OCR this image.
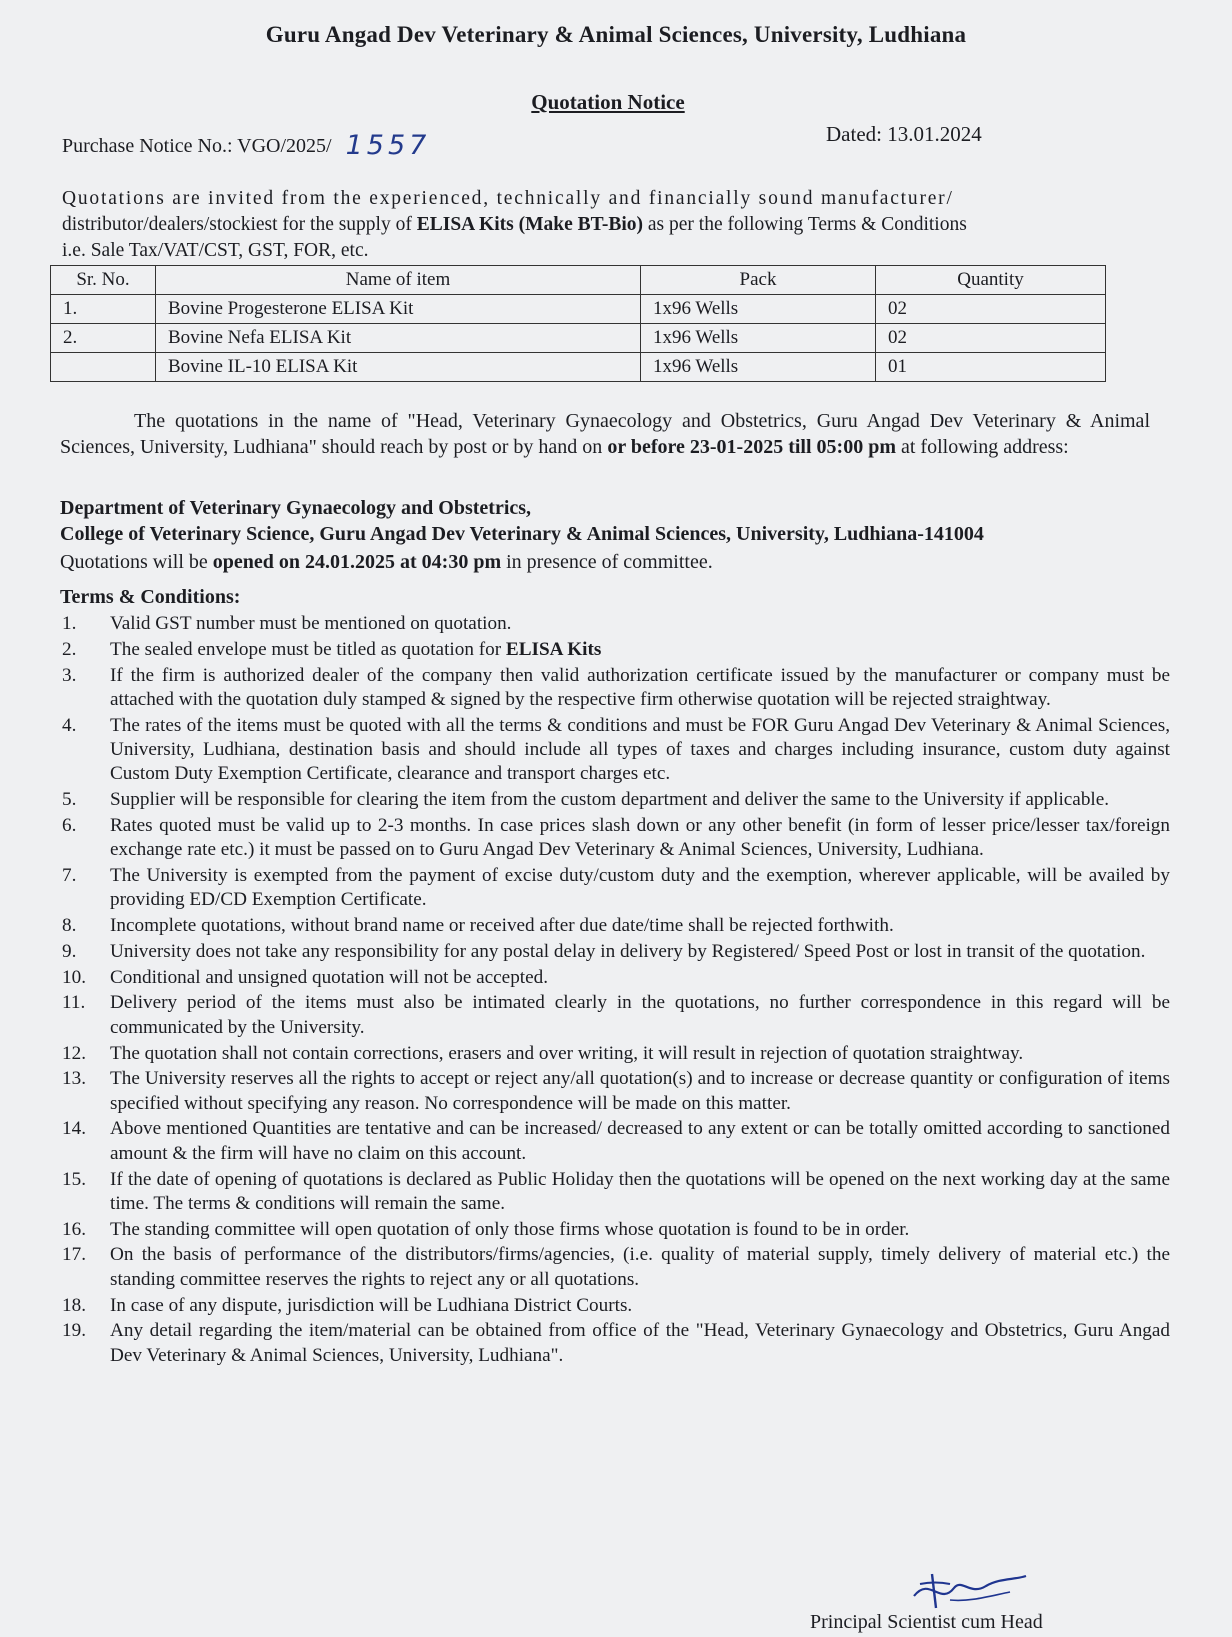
Guru Angad Dev Veterinary & Animal Sciences, University, Ludhiana
Quotation Notice
Purchase Notice No.: VGO/2025/ 1557	Dated: 13.01.2024
Quotations are invited from the experienced, technically and financially sound manufacturer/
distributor/dealers/stockiest for the supply of ELISA Kits (Make BT-Bio) as per the following Terms & Conditions
i.e. Sale Tax/VAT/CST, GST, FOR, etc.
Sr. No.	Name of item	Pack	Quantity
1.	Bovine Progesterone ELISA Kit	1x96 Wells	02
2.	Bovine Nefa ELISA Kit	1x96 Wells	02
	Bovine IL-10 ELISA Kit	1x96 Wells	01
The quotations in the name of "Head, Veterinary Gynaecology and Obstetrics, Guru Angad Dev Veterinary & Animal Sciences, University, Ludhiana" should reach by post or by hand on or before 23-01-2025 till 05:00 pm at following address:
Department of Veterinary Gynaecology and Obstetrics,
College of Veterinary Science, Guru Angad Dev Veterinary & Animal Sciences, University, Ludhiana-141004
Quotations will be opened on 24.01.2025 at 04:30 pm in presence of committee.
Terms & Conditions:
1.	Valid GST number must be mentioned on quotation.
2.	The sealed envelope must be titled as quotation for ELISA Kits
3.	If the firm is authorized dealer of the company then valid authorization certificate issued by the manufacturer or company must be attached with the quotation duly stamped & signed by the respective firm otherwise quotation will be rejected straightway.
4.	The rates of the items must be quoted with all the terms & conditions and must be FOR Guru Angad Dev Veterinary & Animal Sciences, University, Ludhiana, destination basis and should include all types of taxes and charges including insurance, custom duty against Custom Duty Exemption Certificate, clearance and transport charges etc.
5.	Supplier will be responsible for clearing the item from the custom department and deliver the same to the University if applicable.
6.	Rates quoted must be valid up to 2-3 months. In case prices slash down or any other benefit (in form of lesser price/lesser tax/foreign exchange rate etc.) it must be passed on to Guru Angad Dev Veterinary & Animal Sciences, University, Ludhiana.
7.	The University is exempted from the payment of excise duty/custom duty and the exemption, wherever applicable, will be availed by providing ED/CD Exemption Certificate.
8.	Incomplete quotations, without brand name or received after due date/time shall be rejected forthwith.
9.	University does not take any responsibility for any postal delay in delivery by Registered/ Speed Post or lost in transit of the quotation.
10.	Conditional and unsigned quotation will not be accepted.
11.	Delivery period of the items must also be intimated clearly in the quotations, no further correspondence in this regard will be communicated by the University.
12.	The quotation shall not contain corrections, erasers and over writing, it will result in rejection of quotation straightway.
13.	The University reserves all the rights to accept or reject any/all quotation(s) and to increase or decrease quantity or configuration of items specified without specifying any reason. No correspondence will be made on this matter.
14.	Above mentioned Quantities are tentative and can be increased/ decreased to any extent or can be totally omitted according to sanctioned amount & the firm will have no claim on this account.
15.	If the date of opening of quotations is declared as Public Holiday then the quotations will be opened on the next working day at the same time. The terms & conditions will remain the same.
16.	The standing committee will open quotation of only those firms whose quotation is found to be in order.
17.	On the basis of performance of the distributors/firms/agencies, (i.e. quality of material supply, timely delivery of material etc.) the standing committee reserves the rights to reject any or all quotations.
18.	In case of any dispute, jurisdiction will be Ludhiana District Courts.
19.	Any detail regarding the item/material can be obtained from office of the "Head, Veterinary Gynaecology and Obstetrics, Guru Angad Dev Veterinary & Animal Sciences, University, Ludhiana".
Principal Scientist cum Head
